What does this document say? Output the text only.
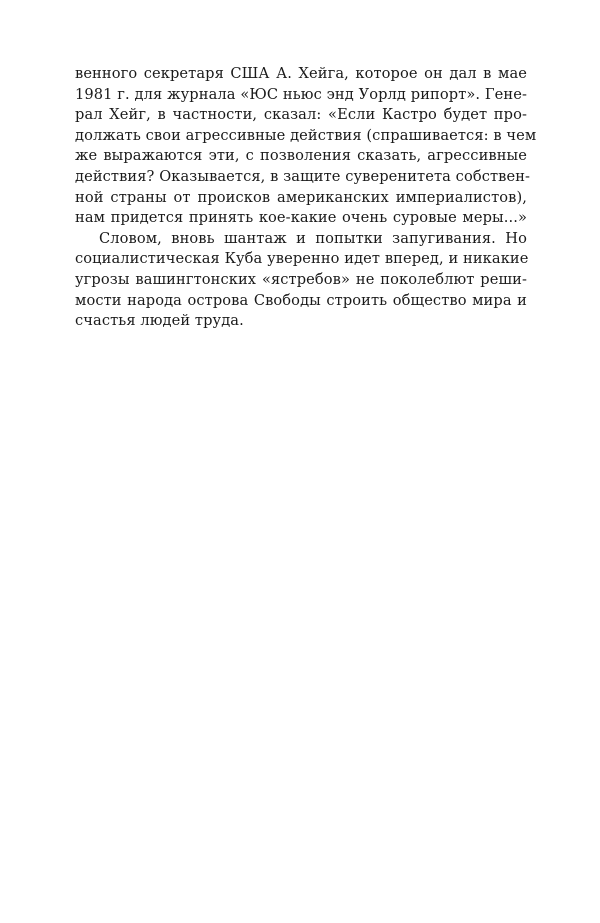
венного секретаря США А. Хейга, которое он дал в мае
1981 г. для журнала «ЮС ньюс энд Уорлд рипорт». Гене-
рал Хейг, в частности, сказал: «Если Кастро будет про-
должать свои агрессивные действия (спрашивается: в чем
же выражаются эти, с позволения сказать, агрессивные
действия? Оказывается, в защите суверенитета собствен-
ной страны от происков американских империалистов),
нам придется принять кое-какие очень суровые меры...»
Словом, вновь шантаж и попытки запугивания. Но
социалистическая Куба уверенно идет вперед, и никакие
угрозы вашингтонских «ястребов» не поколеблют реши-
мости народа острова Свободы строить общество мира и
счастья людей труда.
